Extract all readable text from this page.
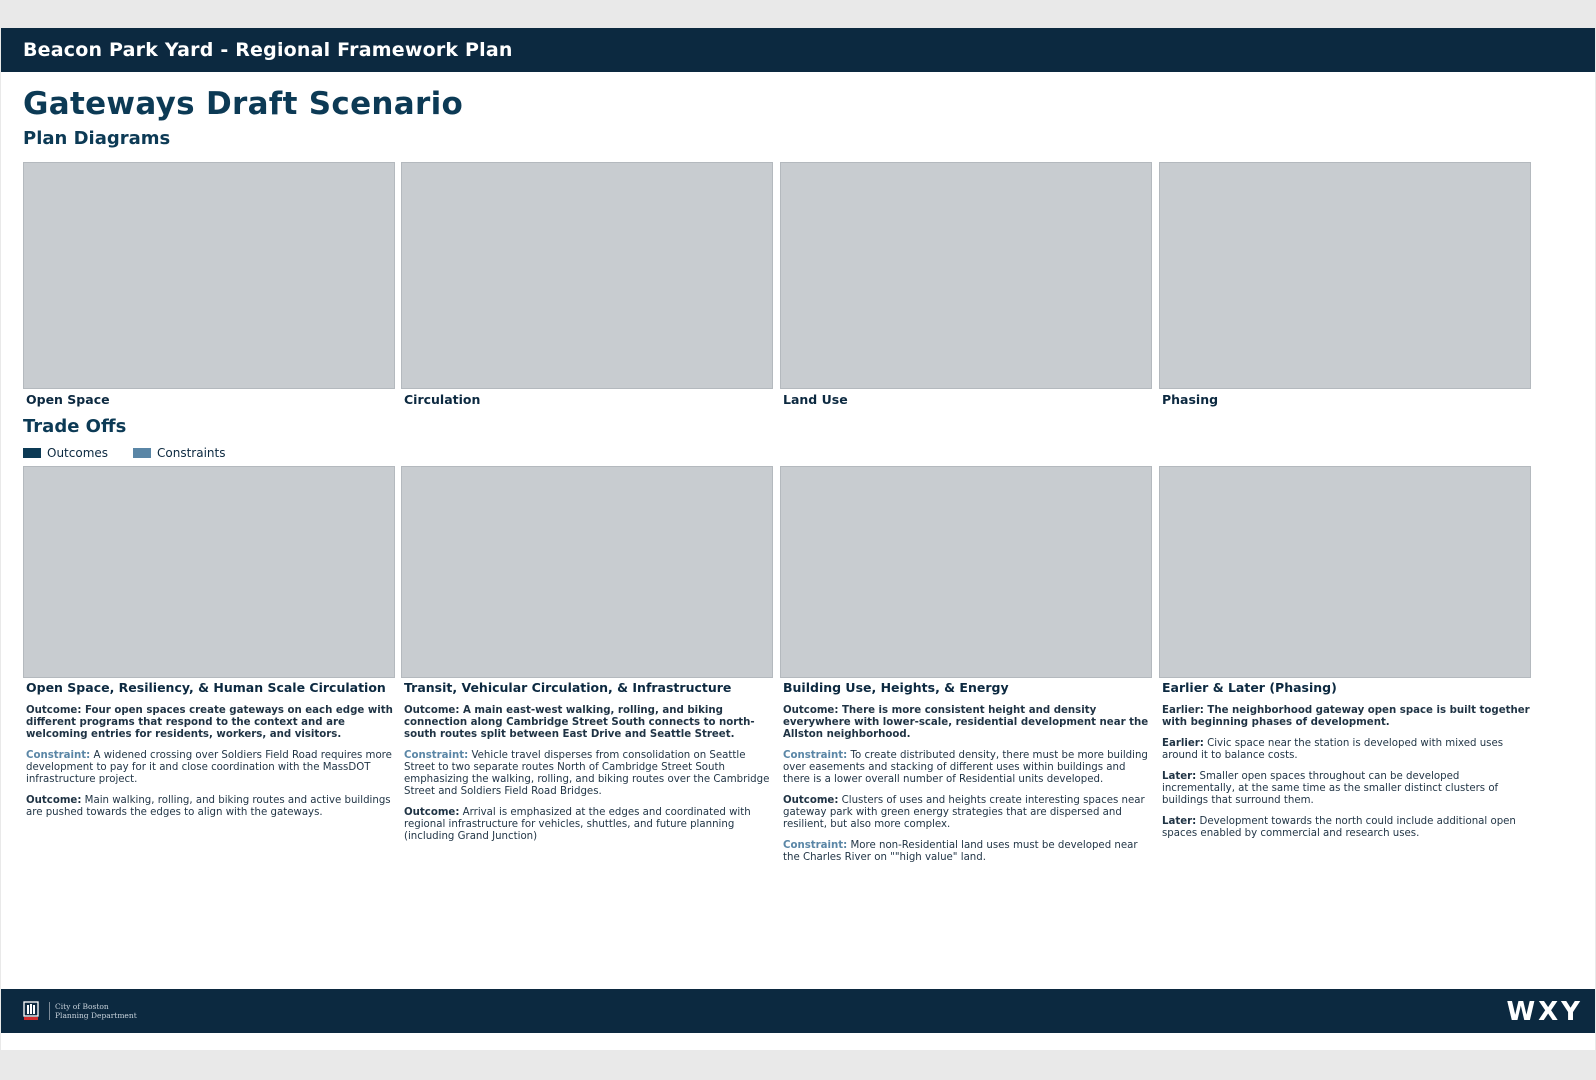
Beacon Park Yard - Regional Framework Plan
Gateways Draft Scenario
Plan Diagrams
Open Space	Circulation	Land Use	Phasing
Trade Offs
Outcomes	Constraints
Open Space, Resiliency, & Human Scale Circulation

Outcome: Four open spaces create gateways on each edge with different programs that respond to the context and are welcoming entries for residents, workers, and visitors.

Constraint: A widened crossing over Soldiers Field Road requires more development to pay for it and close coordination with the MassDOT infrastructure project.

Outcome: Main walking, rolling, and biking routes and active buildings are pushed towards the edges to align with the gateways.

Transit, Vehicular Circulation, & Infrastructure

Outcome: A main east-west walking, rolling, and biking connection along Cambridge Street South connects to north-south routes split between East Drive and Seattle Street.

Constraint: Vehicle travel disperses from consolidation on Seattle Street to two separate routes North of Cambridge Street South emphasizing the walking, rolling, and biking routes over the Cambridge Street and Soldiers Field Road Bridges.

Outcome: Arrival is emphasized at the edges and coordinated with regional infrastructure for vehicles, shuttles, and future planning (including Grand Junction)

Building Use, Heights, & Energy

Outcome: There is more consistent height and density everywhere with lower-scale, residential development near the Allston neighborhood.

Constraint: To create distributed density, there must be more building over easements and stacking of different uses within buildings and there is a lower overall number of Residential units developed.

Outcome: Clusters of uses and heights create interesting spaces near gateway park with green energy strategies that are dispersed and resilient, but also more complex.

Constraint: More non-Residential land uses must be developed near the Charles River on ""high value" land.

Earlier & Later (Phasing)

Earlier: The neighborhood gateway open space is built together with beginning phases of development.

Earlier: Civic space near the station is developed with mixed uses around it to balance costs.

Later: Smaller open spaces throughout can be developed incrementally, at the same time as the smaller distinct clusters of buildings that surround them.

Later: Development towards the north could include additional open spaces enabled by commercial and research uses.

City of Boston
Planning Department	WXY
